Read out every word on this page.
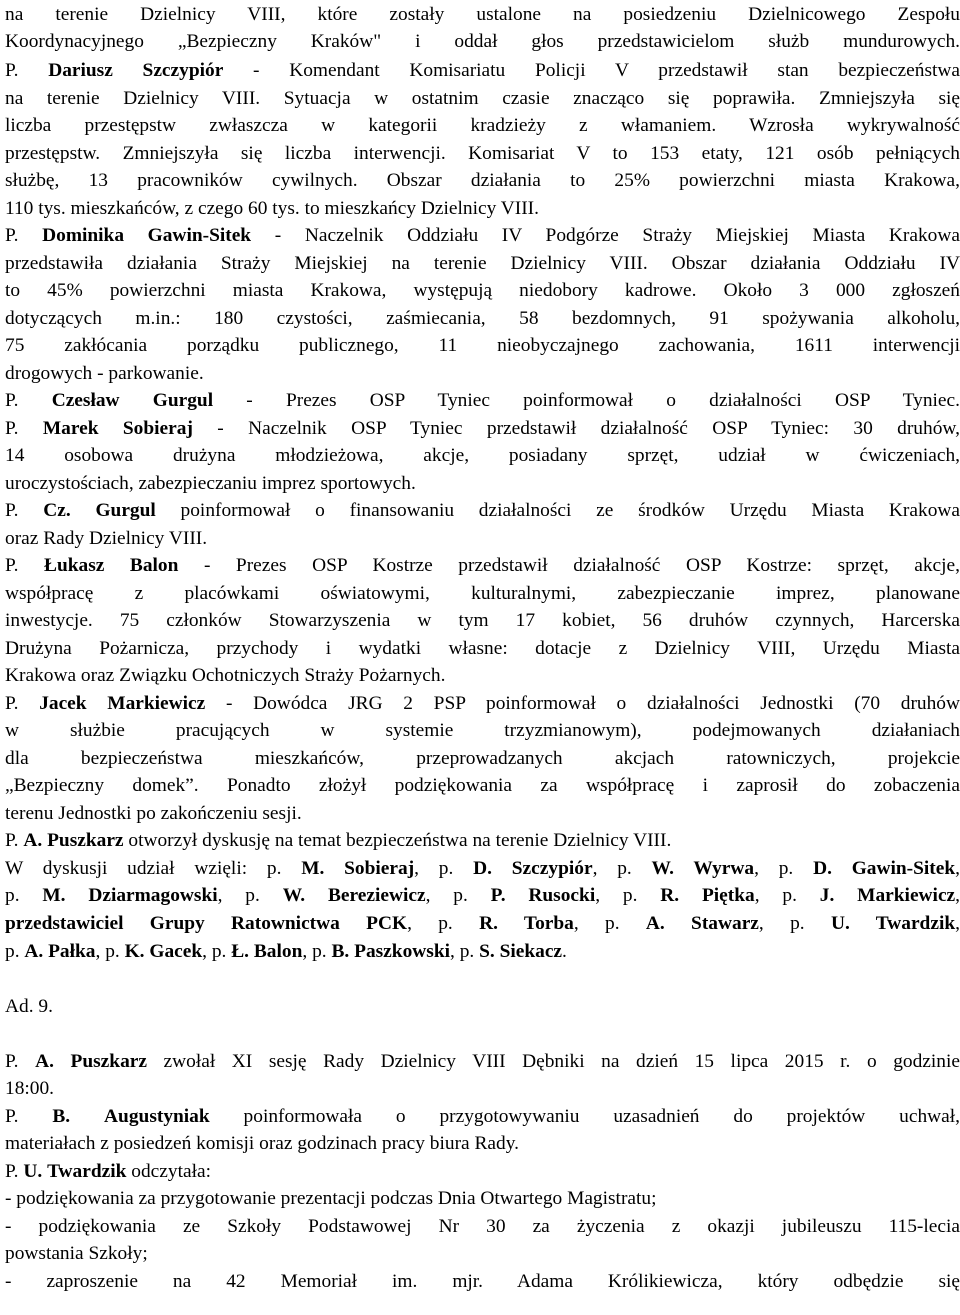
na terenie Dzielnicy VIII, które zostały ustalone na posiedzeniu Dzielnicowego Zespołu
Koordynacyjnego „Bezpieczny Kraków" i oddał głos przedstawicielom służb mundurowych.
P. Dariusz Szczypiór - Komendant Komisariatu Policji V przedstawił stan bezpieczeństwa
na terenie Dzielnicy VIII. Sytuacja w ostatnim czasie znacząco się poprawiła. Zmniejszyła się
liczba przestępstw zwłaszcza w kategorii kradzieży z włamaniem. Wzrosła wykrywalność
przestępstw. Zmniejszyła się liczba interwencji. Komisariat V to 153 etaty, 121 osób pełniących
służbę, 13 pracowników cywilnych. Obszar działania to 25% powierzchni miasta Krakowa,
110 tys. mieszkańców, z czego 60 tys. to mieszkańcy Dzielnicy VIII.
P. Dominika Gawin-Sitek - Naczelnik Oddziału IV Podgórze Straży Miejskiej Miasta Krakowa
przedstawiła działania Straży Miejskiej na terenie Dzielnicy VIII. Obszar działania Oddziału IV
to 45% powierzchni miasta Krakowa, występują niedobory kadrowe. Około 3 000 zgłoszeń
dotyczących m.in.: 180 czystości, zaśmiecania, 58 bezdomnych, 91 spożywania alkoholu,
75 zakłócania porządku publicznego, 11 nieobyczajnego zachowania, 1611 interwencji
drogowych - parkowanie.
P. Czesław Gurgul - Prezes OSP Tyniec poinformował o działalności OSP Tyniec.
P. Marek Sobieraj - Naczelnik OSP Tyniec przedstawił działalność OSP Tyniec: 30 druhów,
14 osobowa drużyna młodzieżowa, akcje, posiadany sprzęt, udział w ćwiczeniach,
uroczystościach, zabezpieczaniu imprez sportowych.
P. Cz. Gurgul poinformował o finansowaniu działalności ze środków Urzędu Miasta Krakowa
oraz Rady Dzielnicy VIII.
P. Łukasz Balon - Prezes OSP Kostrze przedstawił działalność OSP Kostrze: sprzęt, akcje,
współpracę z placówkami oświatowymi, kulturalnymi, zabezpieczanie imprez, planowane
inwestycje. 75 członków Stowarzyszenia w tym 17 kobiet, 56 druhów czynnych, Harcerska
Drużyna Pożarnicza, przychody i wydatki własne: dotacje z Dzielnicy VIII, Urzędu Miasta
Krakowa oraz Związku Ochotniczych Straży Pożarnych.
P. Jacek Markiewicz - Dowódca JRG 2 PSP poinformował o działalności Jednostki (70 druhów
w służbie pracujących w systemie trzyzmianowym), podejmowanych działaniach
dla bezpieczeństwa mieszkańców, przeprowadzanych akcjach ratowniczych, projekcie
„Bezpieczny domek”. Ponadto złożył podziękowania za współpracę i zaprosił do zobaczenia
terenu Jednostki po zakończeniu sesji.
P. A. Puszkarz otworzył dyskusję na temat bezpieczeństwa na terenie Dzielnicy VIII.
W dyskusji udział wzięli: p. M. Sobieraj, p. D. Szczypiór, p. W. Wyrwa, p. D. Gawin-Sitek,
p. M. Dziarmagowski, p. W. Bereziewicz, p. P. Rusocki, p. R. Piętka, p. J. Markiewicz,
przedstawiciel Grupy Ratownictwa PCK, p. R. Torba, p. A. Stawarz, p. U. Twardzik,
p. A. Pałka, p. K. Gacek, p. Ł. Balon, p. B. Paszkowski, p. S. Siekacz.
Ad. 9.
P. A. Puszkarz zwołał XI sesję Rady Dzielnicy VIII Dębniki na dzień 15 lipca 2015 r. o godzinie
18:00.
P. B. Augustyniak poinformowała o przygotowywaniu uzasadnień do projektów uchwał,
materiałach z posiedzeń komisji oraz godzinach pracy biura Rady.
P. U. Twardzik odczytała:
- podziękowania za przygotowanie prezentacji podczas Dnia Otwartego Magistratu;
- podziękowania ze Szkoły Podstawowej Nr 30 za życzenia z okazji jubileuszu 115-lecia
powstania Szkoły;
- zaproszenie na 42 Memoriał im. mjr. Adama Królikiewicza, który odbędzie się
